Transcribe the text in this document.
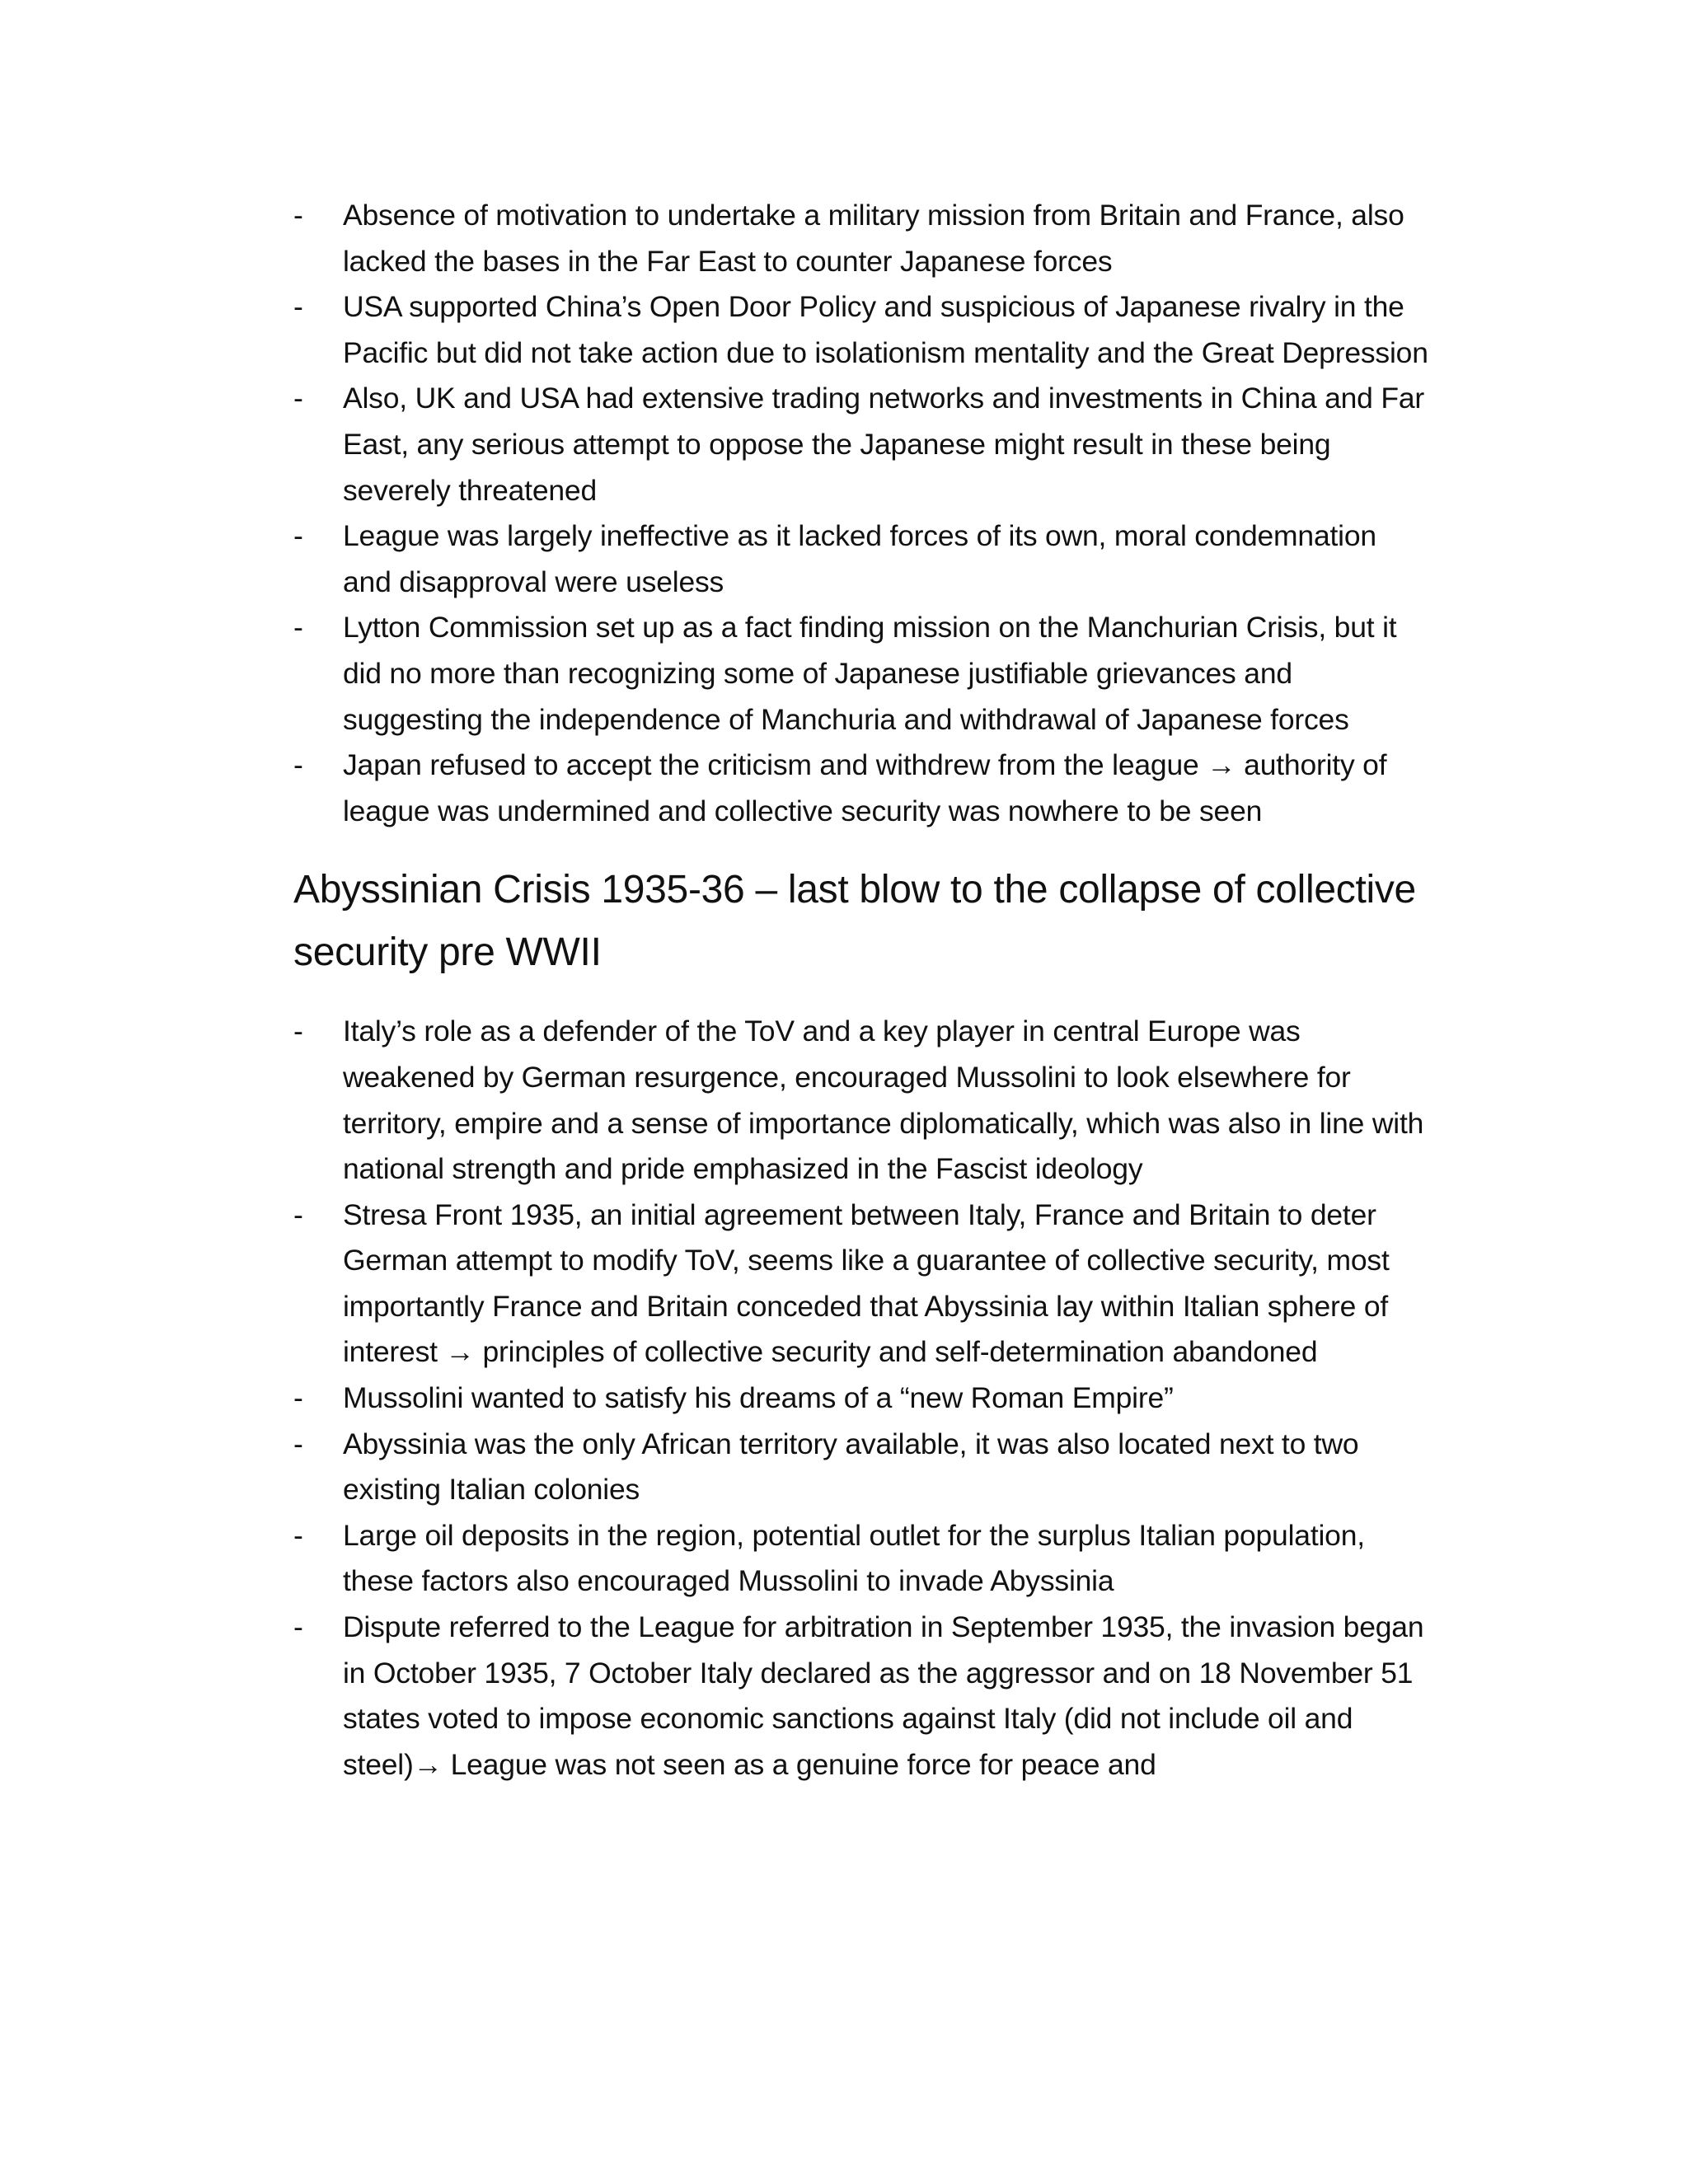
-	Absence of motivation to undertake a military mission from Britain and France, also lacked the bases in the Far East to counter Japanese forces
-	USA supported China’s Open Door Policy and suspicious of Japanese rivalry in the Pacific but did not take action due to isolationism mentality and the Great Depression
-	Also, UK and USA had extensive trading networks and investments in China and Far East, any serious attempt to oppose the Japanese might result in these being severely threatened
-	League was largely ineffective as it lacked forces of its own, moral condemnation and disapproval were useless
-	Lytton Commission set up as a fact finding mission on the Manchurian Crisis, but it did no more than recognizing some of Japanese justifiable grievances and suggesting the independence of Manchuria and withdrawal of Japanese forces
-	Japan refused to accept the criticism and withdrew from the league → authority of league was undermined and collective security was nowhere to be seen
Abyssinian Crisis 1935-36 – last blow to the collapse of collective security pre WWII
-	Italy’s role as a defender of the ToV and a key player in central Europe was weakened by German resurgence, encouraged Mussolini to look elsewhere for territory, empire and a sense of importance diplomatically, which was also in line with national strength and pride emphasized in the Fascist ideology
-	Stresa Front 1935, an initial agreement between Italy, France and Britain to deter German attempt to modify ToV, seems like a guarantee of collective security, most importantly France and Britain conceded that Abyssinia lay within Italian sphere of interest → principles of collective security and self-determination abandoned
-	Mussolini wanted to satisfy his dreams of a “new Roman Empire”
-	Abyssinia was the only African territory available, it was also located next to two existing Italian colonies
-	Large oil deposits in the region, potential outlet for the surplus Italian population, these factors also encouraged Mussolini to invade Abyssinia
-	Dispute referred to the League for arbitration in September 1935, the invasion began in October 1935, 7 October Italy declared as the aggressor and on 18 November 51 states voted to impose economic sanctions against Italy (did not include oil and steel)→ League was not seen as a genuine force for peace and
